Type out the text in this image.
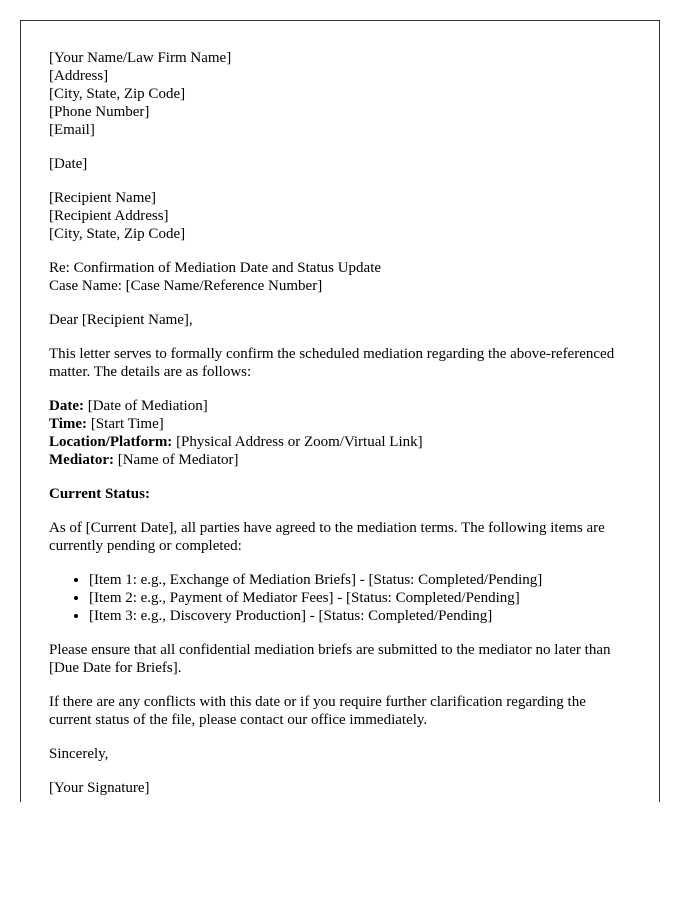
[Your Name/Law Firm Name]
[Address]
[City, State, Zip Code]
[Phone Number]
[Email]

[Date]

[Recipient Name]
[Recipient Address]
[City, State, Zip Code]

Re: Confirmation of Mediation Date and Status Update
Case Name: [Case Name/Reference Number]

Dear [Recipient Name],

This letter serves to formally confirm the scheduled mediation regarding the above-referenced matter. The details are as follows:

Date: [Date of Mediation]
Time: [Start Time]
Location/Platform: [Physical Address or Zoom/Virtual Link]
Mediator: [Name of Mediator]

Current Status:

As of [Current Date], all parties have agreed to the mediation terms. The following items are currently pending or completed:

• [Item 1: e.g., Exchange of Mediation Briefs] - [Status: Completed/Pending]
• [Item 2: e.g., Payment of Mediator Fees] - [Status: Completed/Pending]
• [Item 3: e.g., Discovery Production] - [Status: Completed/Pending]

Please ensure that all confidential mediation briefs are submitted to the mediator no later than [Due Date for Briefs].

If there are any conflicts with this date or if you require further clarification regarding the current status of the file, please contact our office immediately.

Sincerely,

[Your Signature]
